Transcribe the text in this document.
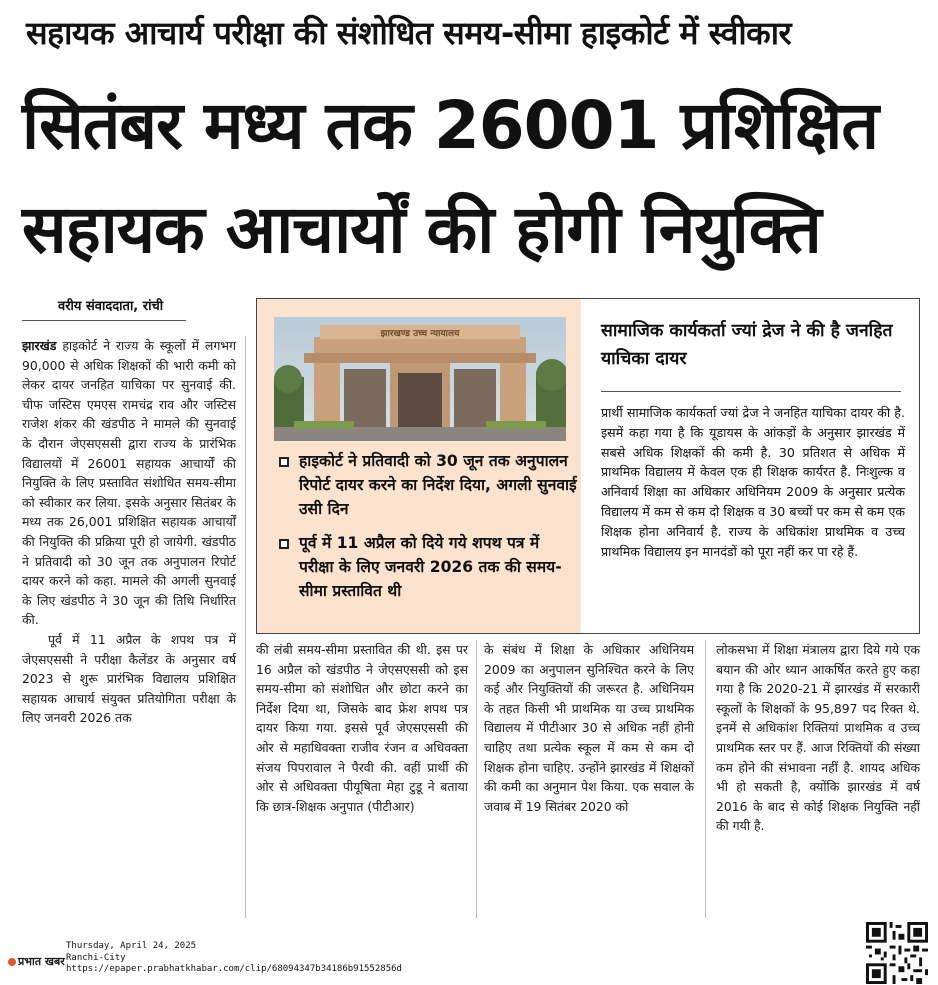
सहायक आचार्य परीक्षा की संशोधित समय-सीमा हाइकोर्ट में स्वीकार
सितंबर मध्य तक 26001 प्रशिक्षित
सहायक आचार्यों की होगी नियुक्ति
वरीय संवाददाता, रांची

झारखंड हाइकोर्ट ने राज्य के स्कूलों में लगभग 90,000 से अधिक शिक्षकों की भारी कमी को लेकर दायर जनहित याचिका पर सुनवाई की. चीफ जस्टिस एमएस रामचंद्र राव और जस्टिस राजेश शंकर की खंडपीठ ने मामले की सुनवाई के दौरान जेएसएससी द्वारा राज्य के प्रारंभिक विद्यालयों में 26001 सहायक आचार्यों की नियुक्ति के लिए प्रस्तावित संशोधित समय-सीमा को स्वीकार कर लिया. इसके अनुसार सितंबर के मध्य तक 26,001 प्रशिक्षित सहायक आचार्यों की नियुक्ति की प्रक्रिया पूरी हो जायेगी. खंडपीठ ने प्रतिवादी को 30 जून तक अनुपालन रिपोर्ट दायर करने को कहा. मामले की अगली सुनवाई के लिए खंडपीठ ने 30 जून की तिथि निर्धारित की.

पूर्व में 11 अप्रैल के शपथ पत्र में जेएसएससी ने परीक्षा कैलेंडर के अनुसार वर्ष 2023 से शुरू प्रारंभिक विद्यालय प्रशिक्षित सहायक आचार्य संयुक्त प्रतियोगिता परीक्षा के लिए जनवरी 2026 तक

की लंबी समय-सीमा प्रस्तावित की थी. इस पर 16 अप्रैल को खंडपीठ ने जेएसएससी को इस समय-सीमा को संशोधित और छोटा करने का निर्देश दिया था, जिसके बाद फ्रेश शपथ पत्र दायर किया गया. इससे पूर्व जेएसएससी की ओर से महाधिवक्ता राजीव रंजन व अधिवक्ता संजय पिपरावाल ने पैरवी की. वहीं प्रार्थी की ओर से अधिवक्ता पीयूषिता मेहा टुडू ने बताया कि छात्र-शिक्षक अनुपात (पीटीआर)
के संबंध में शिक्षा के अधिकार अधिनियम 2009 का अनुपालन सुनिश्चित करने के लिए कई और नियुक्तियों की जरूरत है. अधिनियम के तहत किसी भी प्राथमिक या उच्च प्राथमिक विद्यालय में पीटीआर 30 से अधिक नहीं होनी चाहिए तथा प्रत्येक स्कूल में कम से कम दो शिक्षक होना चाहिए. उन्होंने झारखंड में शिक्षकों की कमी का अनुमान पेश किया. एक सवाल के जवाब में 19 सितंबर 2020 को
लोकसभा में शिक्षा मंत्रालय द्वारा दिये गये एक बयान की ओर ध्यान आकर्षित करते हुए कहा गया है कि 2020-21 में झारखंड में सरकारी स्कूलों के शिक्षकों के 95,897 पद रिक्त थे. इनमें से अधिकांश रिक्तियां प्राथमिक व उच्च प्राथमिक स्तर पर हैं. आज रिक्तियों की संख्या कम होने की संभावना नहीं है. शायद अधिक भी हो सकती है, क्योंकि झारखंड में वर्ष 2016 के बाद से कोई शिक्षक नियुक्ति नहीं की गयी है.
झारखण्ड उच्च न्यायालय
हाइकोर्ट ने प्रतिवादी को 30 जून तक अनुपालन रिपोर्ट दायर करने का निर्देश दिया, अगली सुनवाई उसी दिन
पूर्व में 11 अप्रैल को दिये गये शपथ पत्र में परीक्षा के लिए जनवरी 2026 तक की समय-सीमा प्रस्तावित थी
सामाजिक कार्यकर्ता ज्यां द्रेज ने की है जनहित याचिका दायर
प्रार्थी सामाजिक कार्यकर्ता ज्यां द्रेज ने जनहित याचिका दायर की है. इसमें कहा गया है कि यूडायस के आंकड़ों के अनुसार झारखंड में सबसे अधिक शिक्षकों की कमी है. 30 प्रतिशत से अधिक में प्राथमिक विद्यालय में केवल एक ही शिक्षक कार्यरत है. निःशुल्क व अनिवार्य शिक्षा का अधिकार अधिनियम 2009 के अनुसार प्रत्येक विद्यालय में कम से कम दो शिक्षक व 30 बच्चों पर कम से कम एक शिक्षक होना अनिवार्य है. राज्य के अधिकांश प्राथमिक व उच्च प्राथमिक विद्यालय इन मानदंडों को पूरा नहीं कर पा रहे हैं.
प्रभात खबर
Thursday, April 24, 2025
Ranchi-City
https://epaper.prabhatkhabar.com/clip/68094347b34186b91552856d
